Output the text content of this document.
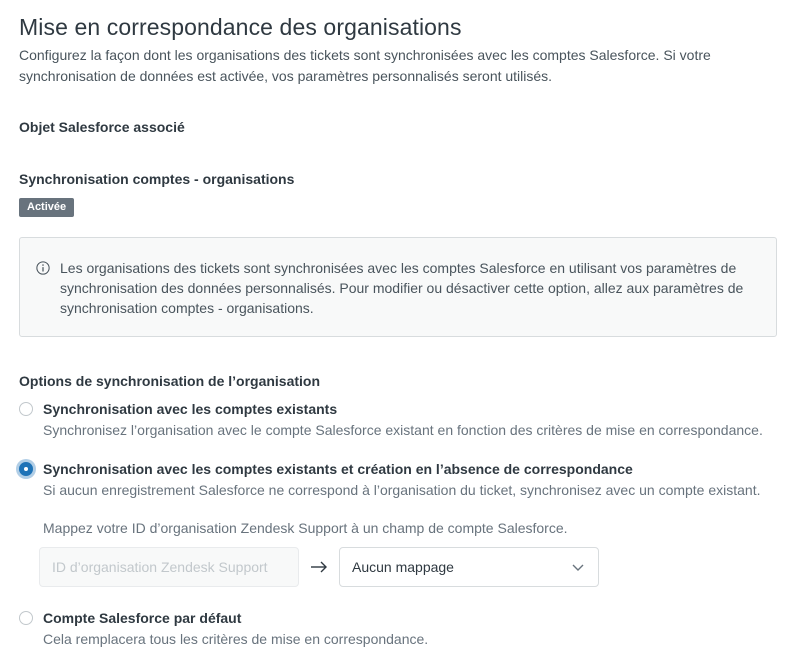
Mise en correspondance des organisations
Configurez la façon dont les organisations des tickets sont synchronisées avec les comptes Salesforce. Si votre synchronisation de données est activée, vos paramètres personnalisés seront utilisés.
Objet Salesforce associé
Synchronisation comptes - organisations
Activée
Les organisations des tickets sont synchronisées avec les comptes Salesforce en utilisant vos paramètres de synchronisation des données personnalisés. Pour modifier ou désactiver cette option, allez aux paramètres de synchronisation comptes - organisations.
Options de synchronisation de l’organisation
Synchronisation avec les comptes existants
Synchronisez l’organisation avec le compte Salesforce existant en fonction des critères de mise en correspondance.
Synchronisation avec les comptes existants et création en l’absence de correspondance
Si aucun enregistrement Salesforce ne correspond à l’organisation du ticket, synchronisez avec un compte existant.
Mappez votre ID d’organisation Zendesk Support à un champ de compte Salesforce.
ID d’organisation Zendesk Support	Aucun mappage
Compte Salesforce par défaut
Cela remplacera tous les critères de mise en correspondance.
